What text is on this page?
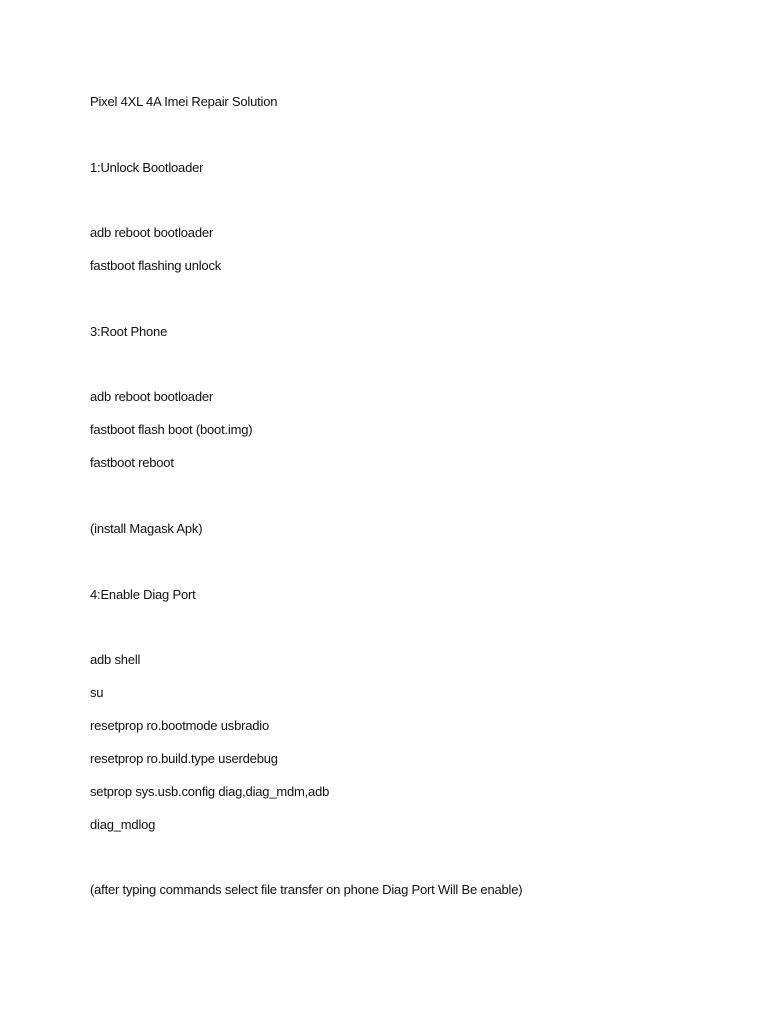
Pixel 4XL 4A Imei Repair Solution
1:Unlock Bootloader
adb reboot bootloader
fastboot flashing unlock
3:Root Phone
adb reboot bootloader
fastboot flash boot (boot.img)
fastboot reboot
(install Magask Apk)
4:Enable Diag Port
adb shell
su
resetprop ro.bootmode usbradio
resetprop ro.build.type userdebug
setprop sys.usb.config diag,diag_mdm,adb
diag_mdlog
(after typing commands select file transfer on phone Diag Port Will Be enable)
